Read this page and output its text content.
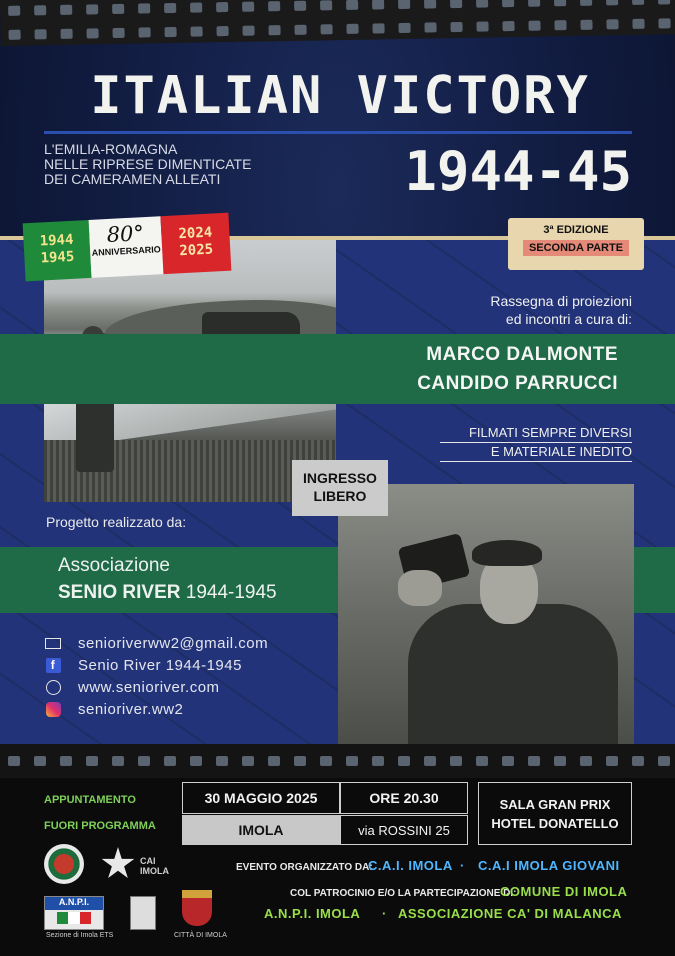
ITALIAN VICTORY
L'EMILIA-ROMAGNA
NELLE RIPRESE DIMENTICATE
DEI CAMERAMEN ALLEATI	1944-45
1944
1945
80°
ANNIVERSARIO
2024
2025
3ª EDIZIONE
SECONDA PARTE
Rassegna di proiezioni
ed incontri a cura di:
MARCO DALMONTE
CANDIDO PARRUCCI
FILMATI SEMPRE DIVERSI
E MATERIALE INEDITO
Progetto realizzato da:
INGRESSO
LIBERO
Associazione
SENIO RIVER 1944-1945
senioriverww2@gmail.com
f	Senio River 1944-1945
www.senioriver.com
senioriver.ww2
APPUNTAMENTO
FUORI PROGRAMMA
30 MAGGIO 2025	ORE 20.30
IMOLA	via ROSSINI 25
SALA GRAN PRIX
HOTEL DONATELLO
CAI
IMOLA
A.N.P.I.
Sezione di Imola ETS	CITTÀ DI IMOLA
EVENTO ORGANIZZATO DA:
C.A.I. IMOLA · C.A.I IMOLA GIOVANI
COL PATROCINIO E/O LA PARTECIPAZIONE DI:
COMUNE DI IMOLA
A.N.P.I. IMOLA · ASSOCIAZIONE CA' DI MALANCA
